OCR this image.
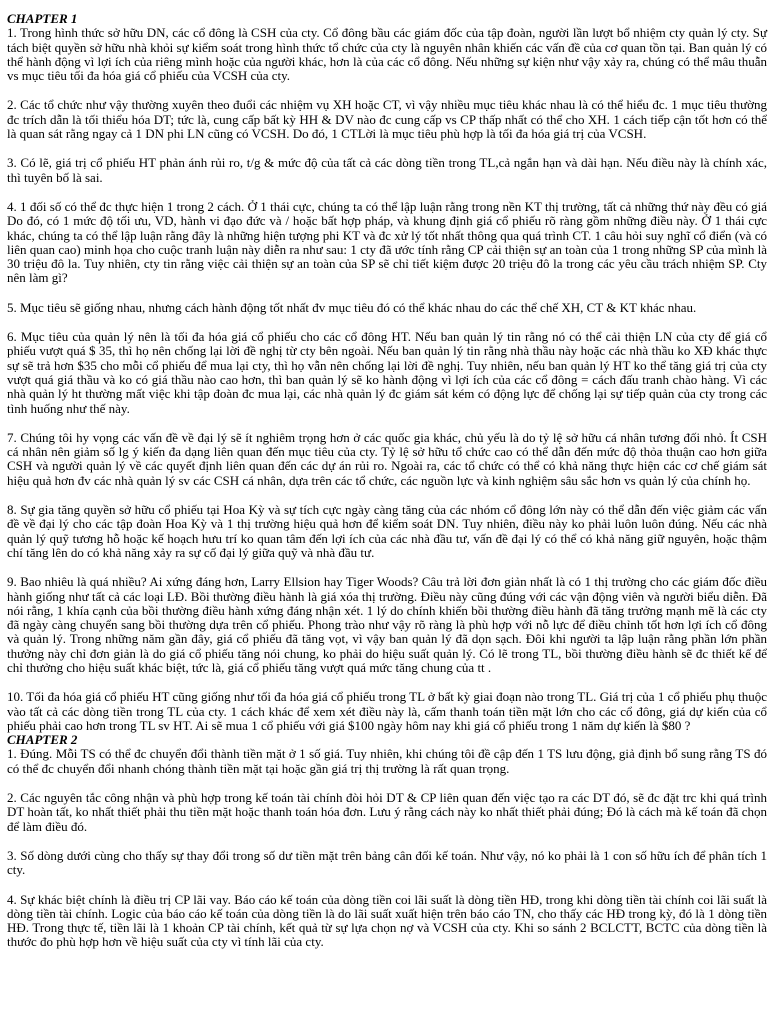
CHAPTER 1

1. Trong hình thức sở hữu DN, các cổ đông là CSH của cty. Cổ đông bầu các giám đốc của tập đoàn, người lần lượt bổ nhiệm cty quản lý cty. Sự tách biệt quyền sở hữu nhà khỏi sự kiểm soát trong hình thức tổ chức của cty là nguyên nhân khiến các vấn đề của cơ quan tồn tại. Ban quản lý có thể hành động vì lợi ích của riêng mình hoặc của người khác, hơn là của các cổ đông. Nếu những sự kiện như vậy xảy ra, chúng có thể mâu thuẫn vs mục tiêu tối đa hóa giá cổ phiếu của VCSH của cty.

2. Các tổ chức như vậy thường xuyên theo đuổi các nhiệm vụ XH hoặc CT, vì vậy nhiều mục tiêu khác nhau là có thể hiểu đc. 1 mục tiêu thường đc trích dẫn là tối thiểu hóa DT; tức là, cung cấp bất kỳ HH & DV nào đc cung cấp vs CP thấp nhất có thể cho XH. 1 cách tiếp cận tốt hơn có thể là quan sát rằng ngay cả 1 DN phi LN cũng có VCSH. Do đó, 1 CTLời là mục tiêu phù hợp là tối đa hóa giá trị của VCSH.

3. Có lẽ, giá trị cổ phiếu HT phản ánh rủi ro, t/g & mức độ của tất cả các dòng tiền trong TL,cả ngắn hạn và dài hạn. Nếu điều này là chính xác, thì tuyên bố là sai.

4. 1 đối số có thể đc thực hiện 1 trong 2 cách. Ở 1 thái cực, chúng ta có thể lập luận rằng trong nền KT thị trường, tất cả những thứ này đều có giá Do đó, có 1 mức độ tối ưu, VD, hành vi đạo đức và / hoặc bất hợp pháp, và khung định giá cổ phiếu rõ ràng gồm những điều này. Ở 1 thái cực khác, chúng ta có thể lập luận rằng đây là những hiện tượng phi KT và đc xử lý tốt nhất thông qua quá trình CT. 1 câu hỏi suy nghĩ cổ điển (và có liên quan cao) minh họa cho cuộc tranh luận này diễn ra như sau: 1 cty đã ước tính rằng CP cải thiện sự an toàn của 1 trong những SP của mình là 30 triệu đô la. Tuy nhiên, cty tin rằng việc cải thiện sự an toàn của SP sẽ chỉ tiết kiệm được 20 triệu đô la trong các yêu cầu trách nhiệm SP. Cty nên làm gì?

5. Mục tiêu sẽ giống nhau, nhưng cách hành động tốt nhất đv mục tiêu đó có thể khác nhau do các thể chế XH, CT & KT khác nhau.

6. Mục tiêu của quản lý nên là tối đa hóa giá cổ phiếu cho các cổ đông HT. Nếu ban quản lý tin rằng nó có thể cải thiện LN của cty để giá cổ phiếu vượt quá $ 35, thì họ nên chống lại lời đề nghị từ cty bên ngoài. Nếu ban quản lý tin rằng nhà thầu này hoặc các nhà thầu ko XĐ khác thực sự sẽ trả hơn $35 cho mỗi cổ phiếu để mua lại cty, thì họ vẫn nên chống lại lời đề nghị. Tuy nhiên, nếu ban quản lý HT ko thể tăng giá trị của cty vượt quá giá thầu và ko có giá thầu nào cao hơn, thì ban quản lý sẽ ko hành động vì lợi ích của các cổ đông = cách đấu tranh chào hàng. Vì các nhà quản lý ht thường mất việc khi tập đoàn đc mua lại, các nhà quản lý đc giám sát kém có động lực để chống lại sự tiếp quản của cty trong các tình huống như thế này.

7. Chúng tôi hy vọng các vấn đề về đại lý sẽ ít nghiêm trọng hơn ở các quốc gia khác, chủ yếu là do tỷ lệ sở hữu cá nhân tương đối nhỏ. Ít CSH cá nhân nên giảm số lg ý kiến đa dạng liên quan đến mục tiêu của cty. Tỷ lệ sở hữu tổ chức cao có thể dẫn đến mức độ thỏa thuận cao hơn giữa CSH và người quản lý về các quyết định liên quan đến các dự án rủi ro. Ngoài ra, các tổ chức có thể có khả năng thực hiện các cơ chế giám sát hiệu quả hơn đv các nhà quản lý sv các CSH cá nhân, dựa trên các tổ chức, các nguồn lực và kinh nghiệm sâu sắc hơn vs quản lý của chính họ.

8. Sự gia tăng quyền sở hữu cổ phiếu tại Hoa Kỳ và sự tích cực ngày càng tăng của các nhóm cổ đông lớn này có thể dẫn đến việc giảm các vấn đề về đại lý cho các tập đoàn Hoa Kỳ và 1 thị trường hiệu quả hơn để kiểm soát DN. Tuy nhiên, điều này ko phải luôn luôn đúng. Nếu các nhà quản lý quỹ tương hỗ hoặc kế hoạch hưu trí ko quan tâm đến lợi ích của các nhà đầu tư, vấn đề đại lý có thể có khả năng giữ nguyên, hoặc thậm chí tăng lên do có khả năng xảy ra sự cố đại lý giữa quỹ và nhà đầu tư.

9. Bao nhiêu là quá nhiều? Ai xứng đáng hơn, Larry Ellsion hay Tiger Woods? Câu trả lời đơn giản nhất là có 1 thị trường cho các giám đốc điều hành giống như tất cả các loại LĐ. Bồi thường điều hành là giá xóa thị trường. Điều này cũng đúng với các vận động viên và người biểu diễn. Đã nói rằng, 1 khía cạnh của bồi thường điều hành xứng đáng nhận xét. 1 lý do chính khiến bồi thường điều hành đã tăng trưởng mạnh mẽ là các cty đã ngày càng chuyển sang bồi thường dựa trên cổ phiếu. Phong trào như vậy rõ ràng là phù hợp với nỗ lực để điều chỉnh tốt hơn lợi ích cổ đông và quản lý. Trong những năm gần đây, giá cổ phiếu đã tăng vọt, vì vậy ban quản lý đã dọn sạch. Đôi khi người ta lập luận rằng phần lớn phần thưởng này chỉ đơn giản là do giá cổ phiếu tăng nói chung, ko phải do hiệu suất quản lý. Có lẽ trong TL, bồi thường điều hành sẽ đc thiết kế để chỉ thưởng cho hiệu suất khác biệt, tức là, giá cổ phiếu tăng vượt quá mức tăng chung của tt .

10. Tối đa hóa giá cổ phiếu HT cũng giống như tối đa hóa giá cổ phiếu trong TL ở bất kỳ giai đoạn nào trong TL. Giá trị của 1 cổ phiếu phụ thuộc vào tất cả các dòng tiền trong TL của cty. 1 cách khác để xem xét điều này là, cấm thanh toán tiền mặt lớn cho các cổ đông, giá dự kiến của cổ phiếu phải cao hơn trong TL sv HT. Ai sẽ mua 1 cổ phiếu với giá $100 ngày hôm nay khi giá cổ phiếu trong 1 năm dự kiến là $80 ?

CHAPTER 2

1. Đúng. Mỗi TS có thể đc chuyển đổi thành tiền mặt ở 1 số giá. Tuy nhiên, khi chúng tôi đề cập đến 1 TS lưu động, giả định bổ sung rằng TS đó có thể đc chuyển đổi nhanh chóng thành tiền mặt tại hoặc gần giá trị thị trường là rất quan trọng.

2. Các nguyên tắc công nhận và phù hợp trong kế toán tài chính đòi hỏi DT & CP liên quan đến việc tạo ra các DT đó, sẽ đc đặt trc khi quá trình DT hoàn tất, ko nhất thiết phải thu tiền mặt hoặc thanh toán hóa đơn. Lưu ý rằng cách này ko nhất thiết phải đúng; Đó là cách mà kế toán đã chọn để làm điều đó.

3. Số dòng dưới cùng cho thấy sự thay đổi trong số dư tiền mặt trên bảng cân đối kế toán. Như vậy, nó ko phải là 1 con số hữu ích để phân tích 1 cty.

4. Sự khác biệt chính là điều trị CP lãi vay. Báo cáo kế toán của dòng tiền coi lãi suất là dòng tiền HĐ, trong khi dòng tiền tài chính coi lãi suất là dòng tiền tài chính. Logic của báo cáo kế toán của dòng tiền là do lãi suất xuất hiện trên báo cáo TN, cho thấy các HĐ trong kỳ, đó là 1 dòng tiền HĐ. Trong thực tế, tiền lãi là 1 khoản CP tài chính, kết quả từ sự lựa chọn nợ và VCSH của cty. Khi so sánh 2 BCLCTT, BCTC của dòng tiền là thước đo phù hợp hơn về hiệu suất của cty vì tính lãi của cty.
